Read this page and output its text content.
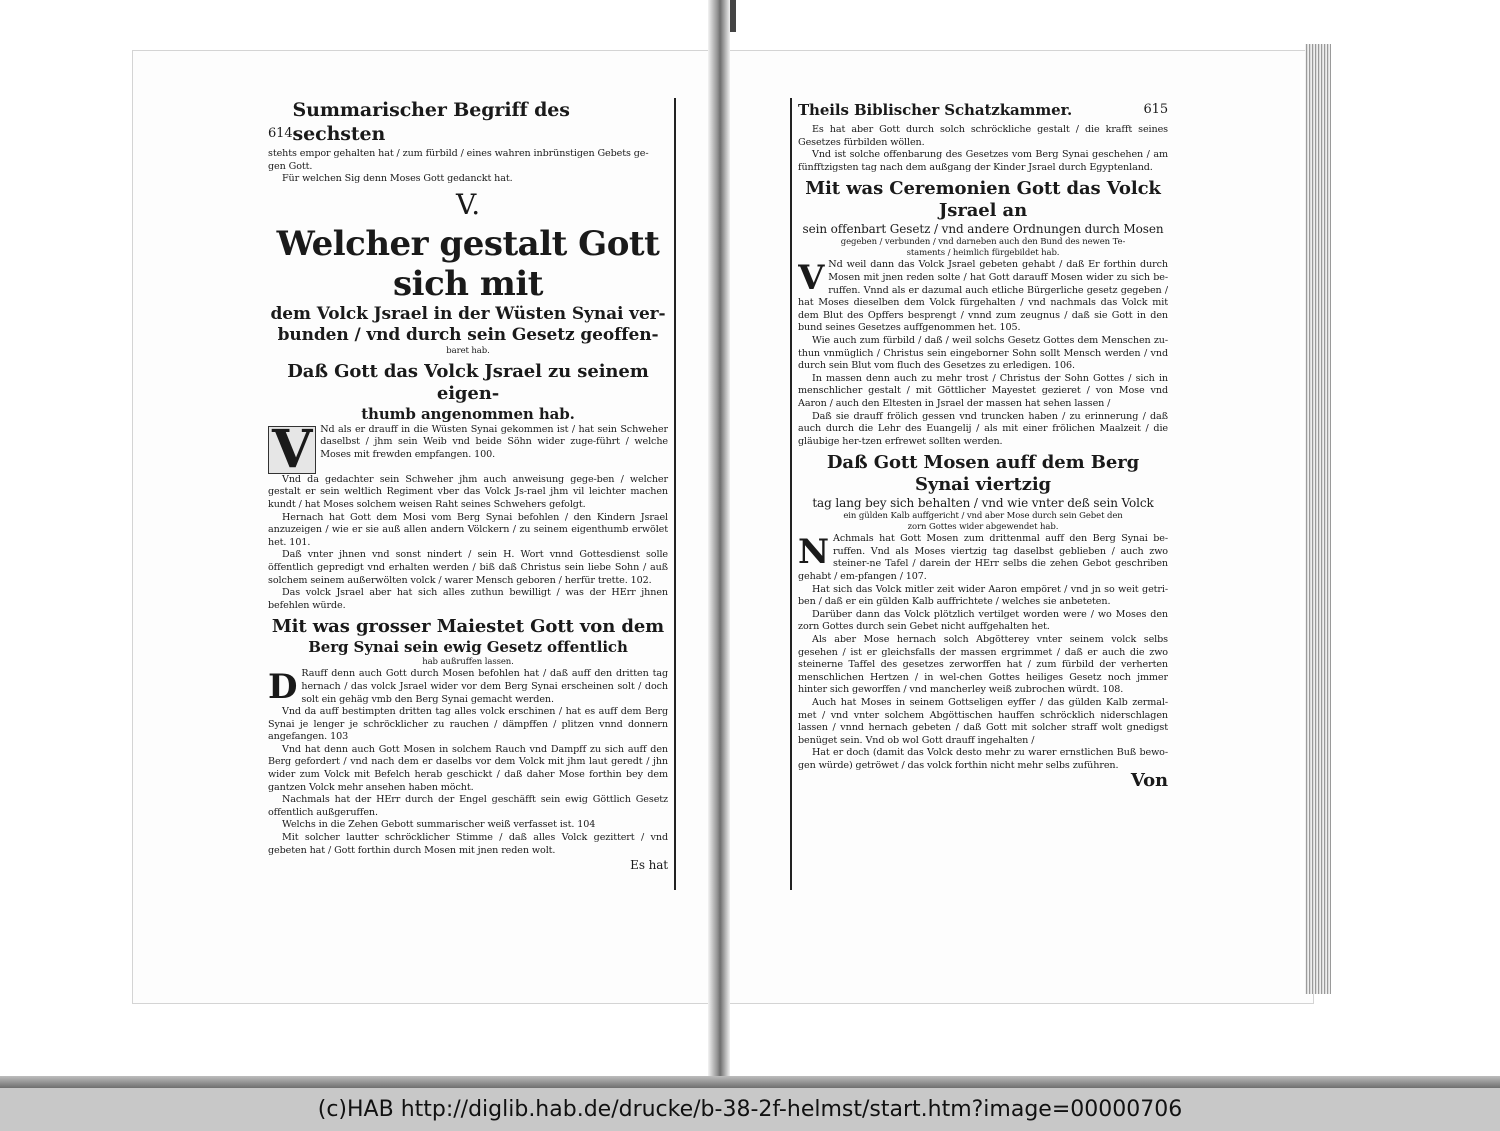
614
Summarischer Begriff des sechsten

stehts empor gehalten hat / zum fürbild / eines wahren inbrünstigen Gebets ge-

gen Gott.

Für welchen Sig denn Moses Gott gedanckt hat.

V.
Welcher gestalt Gott sich mit
dem Volck Jsrael in der Wüsten Synai ver-
bunden / vnd durch sein Gesetz geoffen-
baret hab.
Daß Gott das Volck Jsrael zu seinem eigen-
thumb angenommen hab.

V Nd als er drauff in die Wüsten Synai gekommen ist / hat sein Schweher daselbst / jhm sein Weib vnd beide Söhn wider zuge-führt / welche Moses mit frewden empfangen. 100.

Vnd da gedachter sein Schweher jhm auch anweisung gege-ben / welcher gestalt er sein weltlich Regiment vber das Volck Js-rael jhm vil leichter machen kundt / hat Moses solchem weisen Raht seines Schwehers gefolgt.

Hernach hat Gott dem Mosi vom Berg Synai befohlen / den Kindern Jsrael anzuzeigen / wie er sie auß allen andern Völckern / zu seinem eigenthumb erwölet het. 101.

Daß vnter jhnen vnd sonst nindert / sein H. Wort vnnd Gottesdienst solle öffentlich gepredigt vnd erhalten werden / biß daß Christus sein liebe Sohn / auß solchem seinem außerwölten volck / warer Mensch geboren / herfür trette. 102.

Das volck Jsrael aber hat sich alles zuthun bewilligt / was der HErr jhnen befehlen würde.

Mit was grosser Maiestet Gott von dem
Berg Synai sein ewig Gesetz offentlich
hab außruffen lassen.

D Rauff denn auch Gott durch Mosen befohlen hat / daß auff den dritten tag hernach / das volck Jsrael wider vor dem Berg Synai erscheinen solt / doch solt ein gehäg vmb den Berg Synai gemacht werden.

Vnd da auff bestimpten dritten tag alles volck erschinen / hat es auff dem Berg Synai je lenger je schröcklicher zu rauchen / dämpffen / plitzen vnnd donnern angefangen. 103

Vnd hat denn auch Gott Mosen in solchem Rauch vnd Dampff zu sich auff den Berg gefordert / vnd nach dem er daselbs vor dem Volck mit jhm laut geredt / jhn wider zum Volck mit Befelch herab geschickt / daß daher Mose forthin bey dem gantzen Volck mehr ansehen haben möcht.

Nachmals hat der HErr durch der Engel geschäfft sein ewig Göttlich Gesetz offentlich außgeruffen.

Welchs in die Zehen Gebott summarischer weiß verfasset ist. 104

Mit solcher lautter schröcklicher Stimme / daß alles Volck gezittert / vnd gebeten hat / Gott forthin durch Mosen mit jnen reden wolt.

Es hat
Theils Biblischer Schatzkammer.	615

Es hat aber Gott durch solch schröckliche gestalt / die krafft seines Gesetzes fürbilden wöllen.

Vnd ist solche offenbarung des Gesetzes vom Berg Synai geschehen / am fünfftzigsten tag nach dem außgang der Kinder Jsrael durch Egyptenland.

Mit was Ceremonien Gott das Volck Jsrael an
sein offenbart Gesetz / vnd andere Ordnungen durch Mosen
gegeben / verbunden / vnd darneben auch den Bund des newen Te-
staments / heimlich fürgebildet hab.

V Nd weil dann das Volck Jsrael gebeten gehabt / daß Er forthin durch Mosen mit jnen reden solte / hat Gott darauff Mosen wider zu sich be-ruffen. Vnnd als er dazumal auch etliche Bürgerliche gesetz gegeben / hat Moses dieselben dem Volck fürgehalten / vnd nachmals das Volck mit dem Blut des Opffers besprengt / vnnd zum zeugnus / daß sie Gott in den bund seines Gesetzes auffgenommen het. 105.

Wie auch zum fürbild / daß / weil solchs Gesetz Gottes dem Menschen zu-thun vnmüglich / Christus sein eingeborner Sohn sollt Mensch werden / vnd durch sein Blut vom fluch des Gesetzes zu erledigen. 106.

In massen denn auch zu mehr trost / Christus der Sohn Gottes / sich in menschlicher gestalt / mit Göttlicher Mayestet gezieret / von Mose vnd Aaron / auch den Eltesten in Jsrael der massen hat sehen lassen /

Daß sie drauff frölich gessen vnd truncken haben / zu erinnerung / daß auch durch die Lehr des Euangelij / als mit einer frölichen Maalzeit / die gläubige her-tzen erfrewet sollten werden.

Daß Gott Mosen auff dem Berg Synai viertzig
tag lang bey sich behalten / vnd wie vnter deß sein Volck
ein gülden Kalb auffgericht / vnd aber Mose durch sein Gebet den
zorn Gottes wider abgewendet hab.

N Achmals hat Gott Mosen zum drittenmal auff den Berg Synai be-ruffen. Vnd als Moses viertzig tag daselbst geblieben / auch zwo steiner-ne Tafel / darein der HErr selbs die zehen Gebot geschriben gehabt / em-pfangen / 107.

Hat sich das Volck mitler zeit wider Aaron empöret / vnd jn so weit getri-ben / daß er ein gülden Kalb auffrichtete / welches sie anbeteten.

Darüber dann das Volck plötzlich vertilget worden were / wo Moses den zorn Gottes durch sein Gebet nicht auffgehalten het.

Als aber Mose hernach solch Abgötterey vnter seinem volck selbs gesehen / ist er gleichsfalls der massen ergrimmet / daß er auch die zwo steinerne Taffel des gesetzes zerworffen hat / zum fürbild der verherten menschlichen Hertzen / in wel-chen Gottes heiliges Gesetz noch jmmer hinter sich geworffen / vnd mancherley weiß zubrochen würdt. 108.

Auch hat Moses in seinem Gottseligen eyffer / das gülden Kalb zermal-met / vnd vnter solchem Abgöttischen hauffen schröcklich niderschlagen lassen / vnnd hernach gebeten / daß Gott mit solcher straff wolt gnedigst benüget sein. Vnd ob wol Gott drauff ingehalten /

Hat er doch (damit das Volck desto mehr zu warer ernstlichen Buß bewo-gen würde) getröwet / das volck forthin nicht mehr selbs zuführen.

Von
(c)HAB http://diglib.hab.de/drucke/b-38-2f-helmst/start.htm?image=00000706
